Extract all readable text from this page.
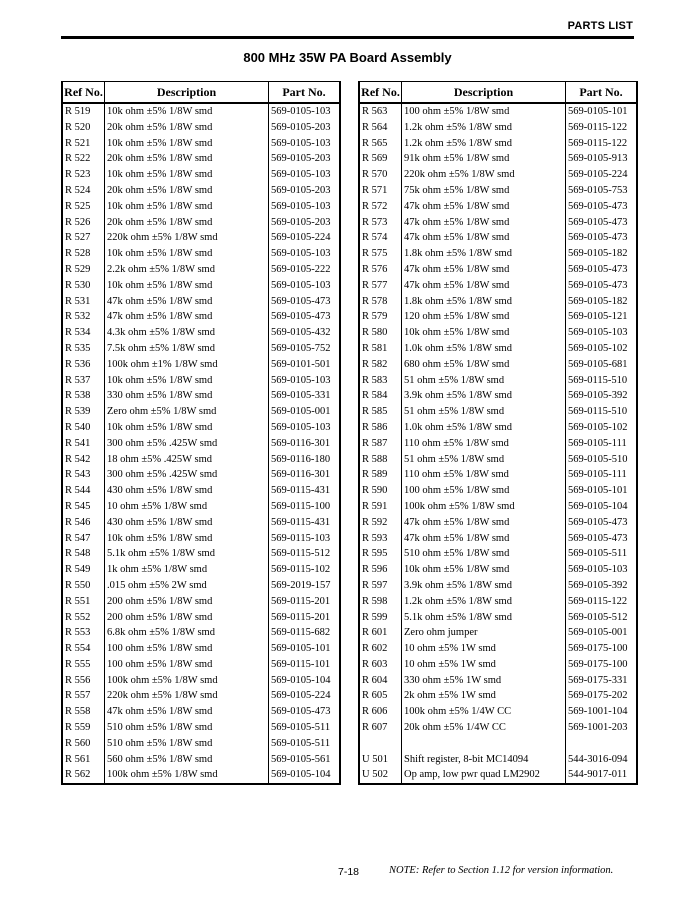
PARTS LIST
800 MHz 35W PA Board Assembly
Ref No.	Description	Part No.
R 519	10k ohm ±5% 1/8W smd	569-0105-103
R 520	20k ohm ±5% 1/8W smd	569-0105-203
R 521	10k ohm ±5% 1/8W smd	569-0105-103
R 522	20k ohm ±5% 1/8W smd	569-0105-203
R 523	10k ohm ±5% 1/8W smd	569-0105-103
R 524	20k ohm ±5% 1/8W smd	569-0105-203
R 525	10k ohm ±5% 1/8W smd	569-0105-103
R 526	20k ohm ±5% 1/8W smd	569-0105-203
R 527	220k ohm ±5% 1/8W smd	569-0105-224
R 528	10k ohm ±5% 1/8W smd	569-0105-103
R 529	2.2k ohm ±5% 1/8W smd	569-0105-222
R 530	10k ohm ±5% 1/8W smd	569-0105-103
R 531	47k ohm ±5% 1/8W smd	569-0105-473
R 532	47k ohm ±5% 1/8W smd	569-0105-473
R 534	4.3k ohm ±5% 1/8W smd	569-0105-432
R 535	7.5k ohm ±5% 1/8W smd	569-0105-752
R 536	100k ohm ±1% 1/8W smd	569-0101-501
R 537	10k ohm ±5% 1/8W smd	569-0105-103
R 538	330 ohm ±5% 1/8W smd	569-0105-331
R 539	Zero ohm ±5% 1/8W smd	569-0105-001
R 540	10k ohm ±5% 1/8W smd	569-0105-103
R 541	300 ohm ±5% .425W smd	569-0116-301
R 542	18 ohm ±5% .425W smd	569-0116-180
R 543	300 ohm ±5% .425W smd	569-0116-301
R 544	430 ohm ±5% 1/8W smd	569-0115-431
R 545	10 ohm ±5% 1/8W smd	569-0115-100
R 546	430 ohm ±5% 1/8W smd	569-0115-431
R 547	10k ohm ±5% 1/8W smd	569-0115-103
R 548	5.1k ohm ±5% 1/8W smd	569-0115-512
R 549	1k ohm ±5% 1/8W smd	569-0115-102
R 550	.015 ohm ±5% 2W smd	569-2019-157
R 551	200 ohm ±5% 1/8W smd	569-0115-201
R 552	200 ohm ±5% 1/8W smd	569-0115-201
R 553	6.8k ohm ±5% 1/8W smd	569-0115-682
R 554	100 ohm ±5% 1/8W smd	569-0105-101
R 555	100 ohm ±5% 1/8W smd	569-0115-101
R 556	100k ohm ±5% 1/8W smd	569-0105-104
R 557	220k ohm ±5% 1/8W smd	569-0105-224
R 558	47k ohm ±5% 1/8W smd	569-0105-473
R 559	510 ohm ±5% 1/8W smd	569-0105-511
R 560	510 ohm ±5% 1/8W smd	569-0105-511
R 561	560 ohm ±5% 1/8W smd	569-0105-561
R 562	100k ohm ±5% 1/8W smd	569-0105-104
Ref No.	Description	Part No.
R 563	100 ohm ±5% 1/8W smd	569-0105-101
R 564	1.2k ohm ±5% 1/8W smd	569-0115-122
R 565	1.2k ohm ±5% 1/8W smd	569-0115-122
R 569	91k ohm ±5% 1/8W smd	569-0105-913
R 570	220k ohm ±5% 1/8W smd	569-0105-224
R 571	75k ohm ±5% 1/8W smd	569-0105-753
R 572	47k ohm ±5% 1/8W smd	569-0105-473
R 573	47k ohm ±5% 1/8W smd	569-0105-473
R 574	47k ohm ±5% 1/8W smd	569-0105-473
R 575	1.8k ohm ±5% 1/8W smd	569-0105-182
R 576	47k ohm ±5% 1/8W smd	569-0105-473
R 577	47k ohm ±5% 1/8W smd	569-0105-473
R 578	1.8k ohm ±5% 1/8W smd	569-0105-182
R 579	120 ohm ±5% 1/8W smd	569-0105-121
R 580	10k ohm ±5% 1/8W smd	569-0105-103
R 581	1.0k ohm ±5% 1/8W smd	569-0105-102
R 582	680 ohm ±5% 1/8W smd	569-0105-681
R 583	51 ohm ±5% 1/8W smd	569-0115-510
R 584	3.9k ohm ±5% 1/8W smd	569-0105-392
R 585	51 ohm ±5% 1/8W smd	569-0115-510
R 586	1.0k ohm ±5% 1/8W smd	569-0105-102
R 587	110 ohm ±5% 1/8W smd	569-0105-111
R 588	51 ohm ±5% 1/8W smd	569-0105-510
R 589	110 ohm ±5% 1/8W smd	569-0105-111
R 590	100 ohm ±5% 1/8W smd	569-0105-101
R 591	100k ohm ±5% 1/8W smd	569-0105-104
R 592	47k ohm ±5% 1/8W smd	569-0105-473
R 593	47k ohm ±5% 1/8W smd	569-0105-473
R 595	510 ohm ±5% 1/8W smd	569-0105-511
R 596	10k ohm ±5% 1/8W smd	569-0105-103
R 597	3.9k ohm ±5% 1/8W smd	569-0105-392
R 598	1.2k ohm ±5% 1/8W smd	569-0115-122
R 599	5.1k ohm ±5% 1/8W smd	569-0105-512
R 601	Zero ohm jumper	569-0105-001
R 602	10 ohm ±5% 1W smd	569-0175-100
R 603	10 ohm ±5% 1W smd	569-0175-100
R 604	330 ohm ±5% 1W smd	569-0175-331
R 605	2k ohm ±5% 1W smd	569-0175-202
R 606	100k ohm ±5% 1/4W CC	569-1001-104
R 607	20k ohm ±5% 1/4W CC	569-1001-203

U 501	Shift register, 8-bit MC14094	544-3016-094
U 502	Op amp, low pwr quad LM2902	544-9017-011
7-18	NOTE: Refer to Section 1.12 for version information.
